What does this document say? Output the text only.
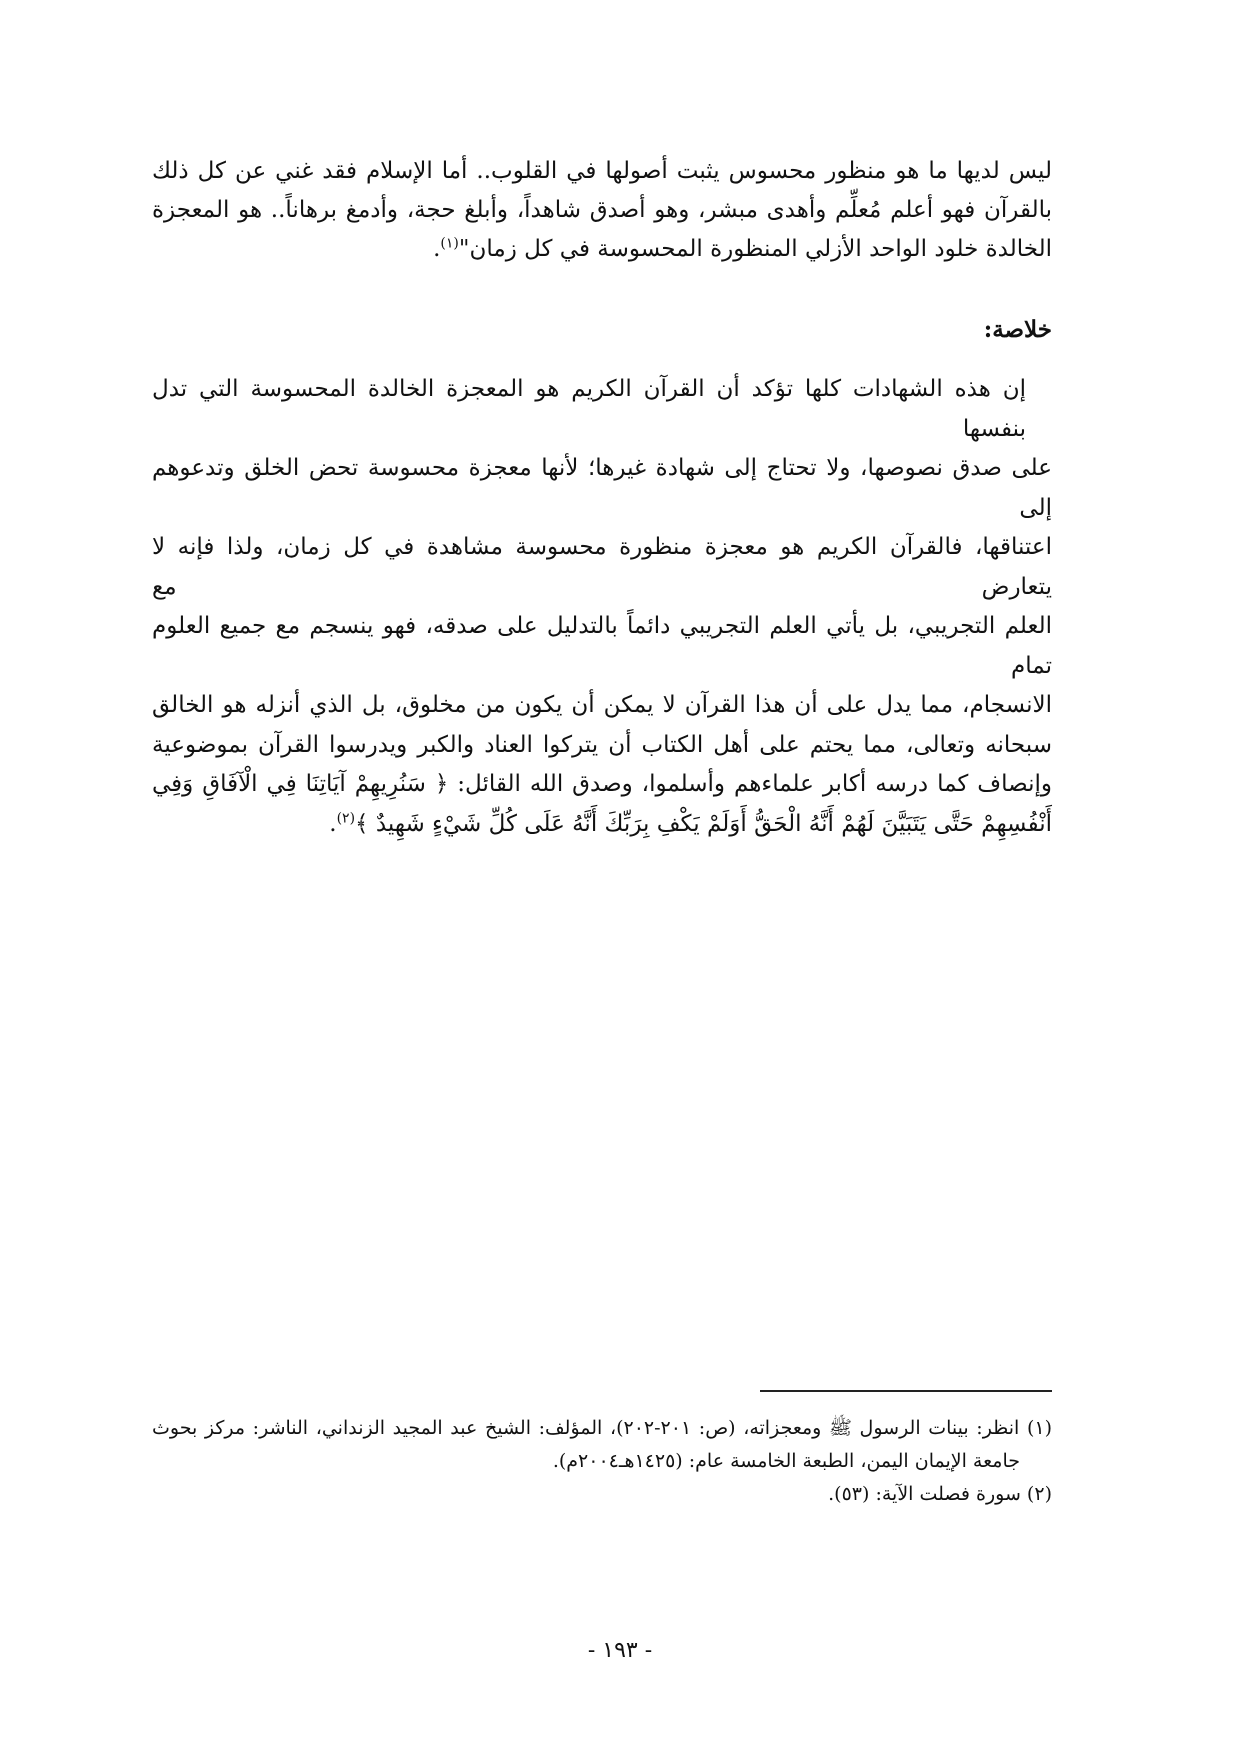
ليس لديها ما هو منظور محسوس يثبت أصولها في القلوب.. أما الإسلام فقد غني عن كل ذلك
بالقرآن فهو أعلم مُعلِّم وأهدى مبشر، وهو أصدق شاهداً، وأبلغ حجة، وأدمغ برهاناً.. هو المعجزة
الخالدة خلود الواحد الأزلي المنظورة المحسوسة في كل زمان"$^{(١)}$.
خلاصة:
إن هذه الشهادات كلها تؤكد أن القرآن الكريم هو المعجزة الخالدة المحسوسة التي تدل بنفسها
على صدق نصوصها، ولا تحتاج إلى شهادة غيرها؛ لأنها معجزة محسوسة تحض الخلق وتدعوهم إلى
اعتناقها، فالقرآن الكريم هو معجزة منظورة محسوسة مشاهدة في كل زمان، ولذا فإنه لا يتعارض مع
العلم التجريبي، بل يأتي العلم التجريبي دائماً بالتدليل على صدقه، فهو ينسجم مع جميع العلوم تمام
الانسجام، مما يدل على أن هذا القرآن لا يمكن أن يكون من مخلوق، بل الذي أنزله هو الخالق
سبحانه وتعالى، مما يحتم على أهل الكتاب أن يتركوا العناد والكبر ويدرسوا القرآن بموضوعية
وإنصاف كما درسه أكابر علماءهم وأسلموا، وصدق الله القائل: ﴿ سَنُرِيهِمْ آيَاتِنَا فِي الْآفَاقِ وَفِي
أَنْفُسِهِمْ حَتَّى يَتَبَيَّنَ لَهُمْ أَنَّهُ الْحَقُّ أَوَلَمْ يَكْفِ بِرَبِّكَ أَنَّهُ عَلَى كُلِّ شَيْءٍ شَهِيدٌ ﴾$^{(٢)}$.
(١) انظر: بينات الرسول ﷺ ومعجزاته، (ص: ٢٠١-٢٠٢)، المؤلف: الشيخ عبد المجيد الزنداني، الناشر: مركز بحوث
جامعة الإيمان اليمن، الطبعة الخامسة عام: (١٤٢٥هـ٢٠٠٤م).
(٢) سورة فصلت الآية: (٥٣).
- ١٩٣ -
